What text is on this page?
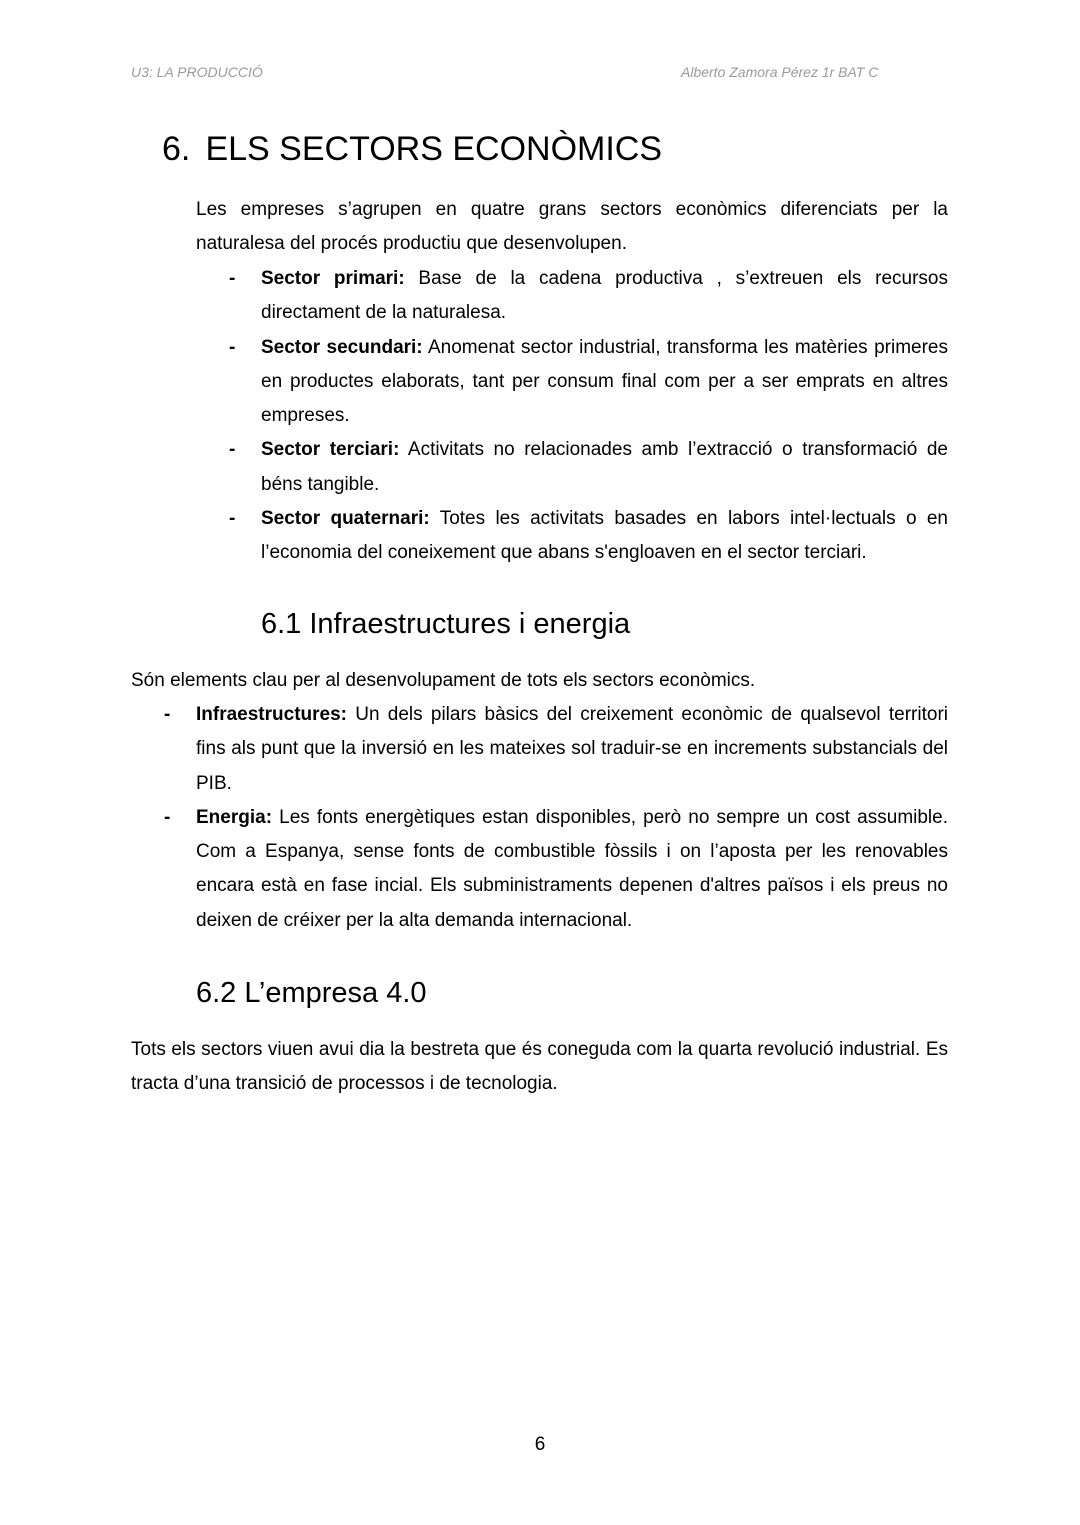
U3: LA PRODUCCIÓ	Alberto Zamora Pérez 1r BAT C
6. ELS SECTORS ECONÒMICS

Les empreses s’agrupen en quatre grans sectors econòmics diferenciats per la naturalesa del procés productiu que desenvolupen.

- Sector primari: Base de la cadena productiva , s’extreuen els recursos directament de la naturalesa.
- Sector secundari: Anomenat sector industrial, transforma les matèries primeres en productes elaborats, tant per consum final com per a ser emprats en altres empreses.
- Sector terciari: Activitats no relacionades amb l’extracció o transformació de béns tangible.
- Sector quaternari: Totes les activitats basades en labors intel·lectuals o en l’economia del coneixement que abans s'engloaven en el sector terciari.
6.1 Infraestructures i energia

Són elements clau per al desenvolupament de tots els sectors econòmics.

- Infraestructures: Un dels pilars bàsics del creixement econòmic de qualsevol territori fins als punt que la inversió en les mateixes sol traduir-se en increments substancials del PIB.
- Energia: Les fonts energètiques estan disponibles, però no sempre un cost assumible. Com a Espanya, sense fonts de combustible fòssils i on l’aposta per les renovables encara està en fase incial. Els subministraments depenen d'altres països i els preus no deixen de créixer per la alta demanda internacional.
6.2 L’empresa 4.0

Tots els sectors viuen avui dia la bestreta que és coneguda com la quarta revolució industrial. Es tracta d’una transició de processos i de tecnologia.

6
